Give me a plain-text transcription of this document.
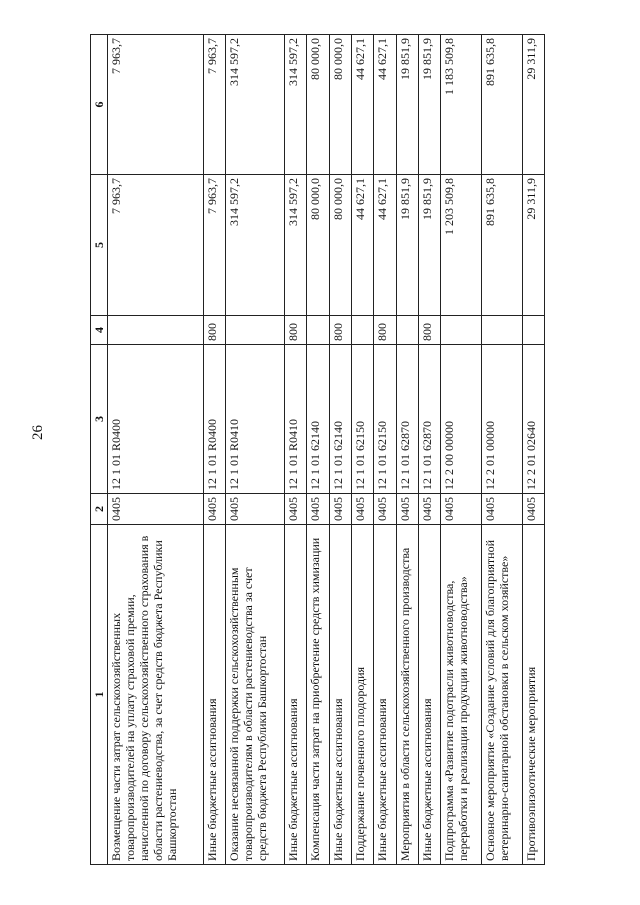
26
1	2	3	4	5	6
Возмещение части затрат сельскохозяйственных товаропроизводителей на уплату страховой премии, начисленной по договору сельскохозяйственного страхования в области растениеводства, за счет средств бюджета Республики Башкортостан	0405	12 1 01 R0400		7 963,7	7 963,7
Иные бюджетные ассигнования	0405	12 1 01 R0400	800	7 963,7	7 963,7
Оказание несвязанной поддержки сельскохозяйственным товаропроизводителям в области растениеводства за счет средств бюджета Республики Башкортостан	0405	12 1 01 R0410		314 597,2	314 597,2
Иные бюджетные ассигнования	0405	12 1 01 R0410	800	314 597,2	314 597,2
Компенсация части затрат на приобретение средств химизации	0405	12 1 01 62140		80 000,0	80 000,0
Иные бюджетные ассигнования	0405	12 1 01 62140	800	80 000,0	80 000,0
Поддержание почвенного плодородия	0405	12 1 01 62150		44 627,1	44 627,1
Иные бюджетные ассигнования	0405	12 1 01 62150	800	44 627,1	44 627,1
Мероприятия в области сельскохозяйственного производства	0405	12 1 01 62870		19 851,9	19 851,9
Иные бюджетные ассигнования	0405	12 1 01 62870	800	19 851,9	19 851,9
Подпрограмма «Развитие подотрасли животноводства, переработки и реализации продукции животноводства»	0405	12 2 00 00000		1 203 509,8	1 183 509,8
Основное мероприятие «Создание условий для благоприятной ветеринарно-санитарной обстановки в сельском хозяйстве»	0405	12 2 01 00000		891 635,8	891 635,8
Противоэпизоотические мероприятия	0405	12 2 01 02640		29 311,9	29 311,9
